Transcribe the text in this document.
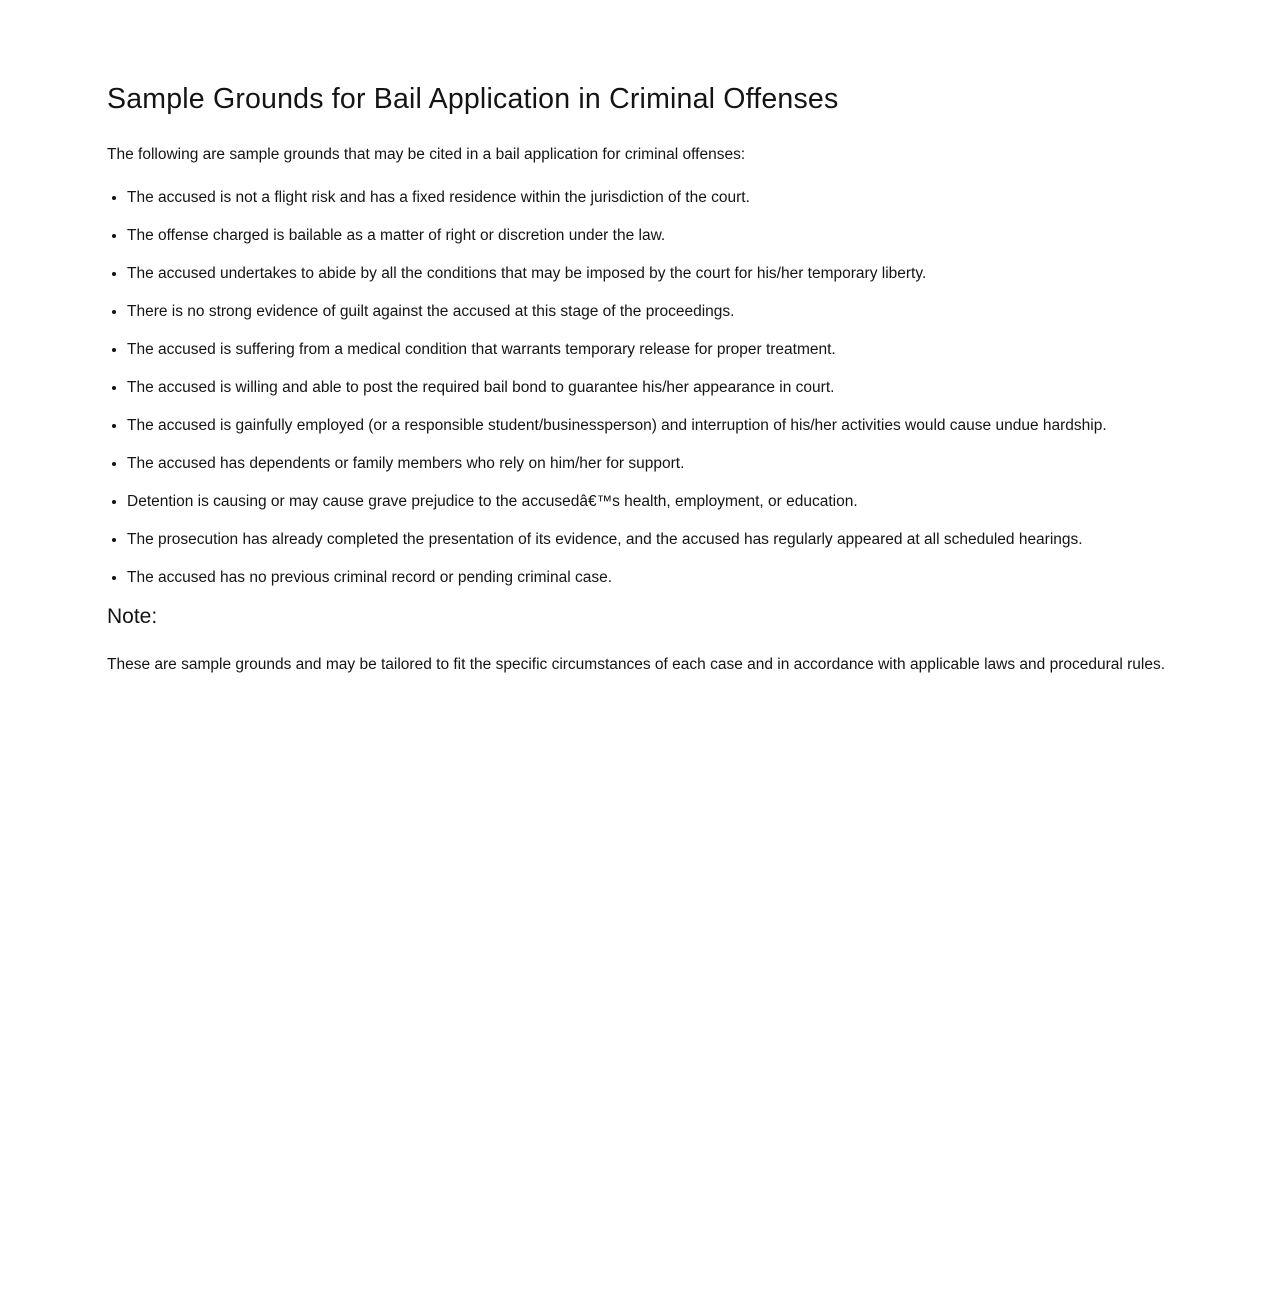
Sample Grounds for Bail Application in Criminal Offenses

The following are sample grounds that may be cited in a bail application for criminal offenses:

• The accused is not a flight risk and has a fixed residence within the jurisdiction of the court.
• The offense charged is bailable as a matter of right or discretion under the law.
• The accused undertakes to abide by all the conditions that may be imposed by the court for his/her temporary liberty.
• There is no strong evidence of guilt against the accused at this stage of the proceedings.
• The accused is suffering from a medical condition that warrants temporary release for proper treatment.
• The accused is willing and able to post the required bail bond to guarantee his/her appearance in court.
• The accused is gainfully employed (or a responsible student/businessperson) and interruption of his/her activities would cause undue hardship.
• The accused has dependents or family members who rely on him/her for support.
• Detention is causing or may cause grave prejudice to the accusedâ€™s health, employment, or education.
• The prosecution has already completed the presentation of its evidence, and the accused has regularly appeared at all scheduled hearings.
• The accused has no previous criminal record or pending criminal case.
Note:

These are sample grounds and may be tailored to fit the specific circumstances of each case and in accordance with applicable laws and procedural rules.
